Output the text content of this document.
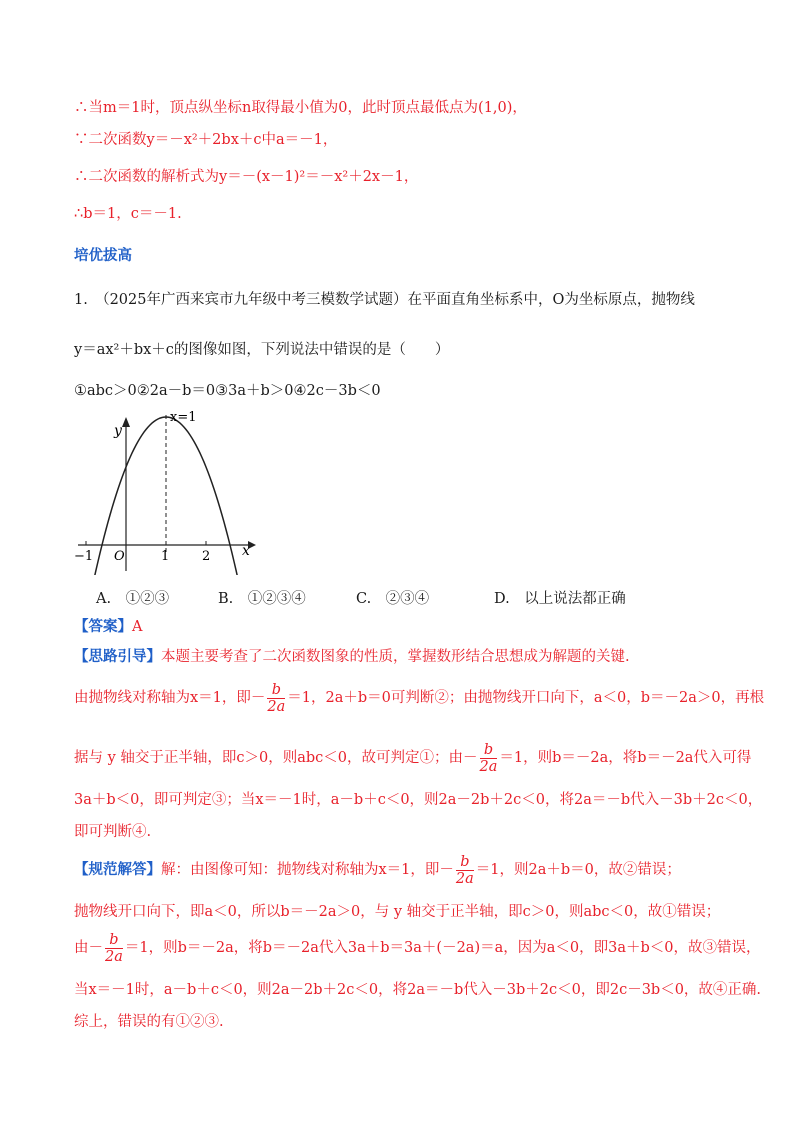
∴当m＝1时，顶点纵坐标n取得最小值为0，此时顶点最低点为(1,0)，
∵二次函数y＝－x²＋2bx＋c中a＝－1，
∴二次函数的解析式为y＝－(x－1)²＝－x²＋2x－1，
∴b＝1，c＝－1.
培优拔高
1.　（2025年广西来宾市九年级中考三模数学试题）在平面直角坐标系中，O为坐标原点，抛物线
y＝ax²＋bx＋c的图像如图，下列说法中错误的是（　　）
①abc＞0②2a－b＝0③3a＋b＞0④2c－3b＜0
x=1
y
x
−1 O	1	2
A.　①②③	B.　①②③④	C.　②③④	D.　以上说法都正确
【答案】A
【思路引导】本题主要考查了二次函数图象的性质，掌握数形结合思想成为解题的关键.
由抛物线对称轴为x＝1，即－ $\frac{b}{2a} =1$，2a＋b＝0可判断②；由抛物线开口向下，a＜0，b＝－2a＞0，再根
据与 y 轴交于正半轴，即c＞0，则abc＜0，故可判定①；由－ $\frac{b}{2a} =1$，则b＝－2a，将b＝－2a代入可得
3a＋b＜0，即可判定③；当x＝－1时，a－b＋c＜0，则2a－2b＋2c＜0，将2a＝－b代入－3b＋2c＜0，
即可判断④.
【规范解答】解：由图像可知：抛物线对称轴为x＝1，即－ $\frac{b}{2a} =1$，则2a＋b＝0，故②错误；
抛物线开口向下，即a＜0，所以b＝－2a＞0，与 y 轴交于正半轴，即c＞0，则abc＜0，故①错误；
由－ $\frac{b}{2a} =1$，则b＝－2a，将b＝－2a代入3a＋b＝3a＋(－2a)＝a，因为a＜0，即3a＋b＜0，故③错误，
当x＝－1时，a－b＋c＜0，则2a－2b＋2c＜0，将2a＝－b代入－3b＋2c＜0，即2c－3b＜0，故④正确.
综上，错误的有①②③.
